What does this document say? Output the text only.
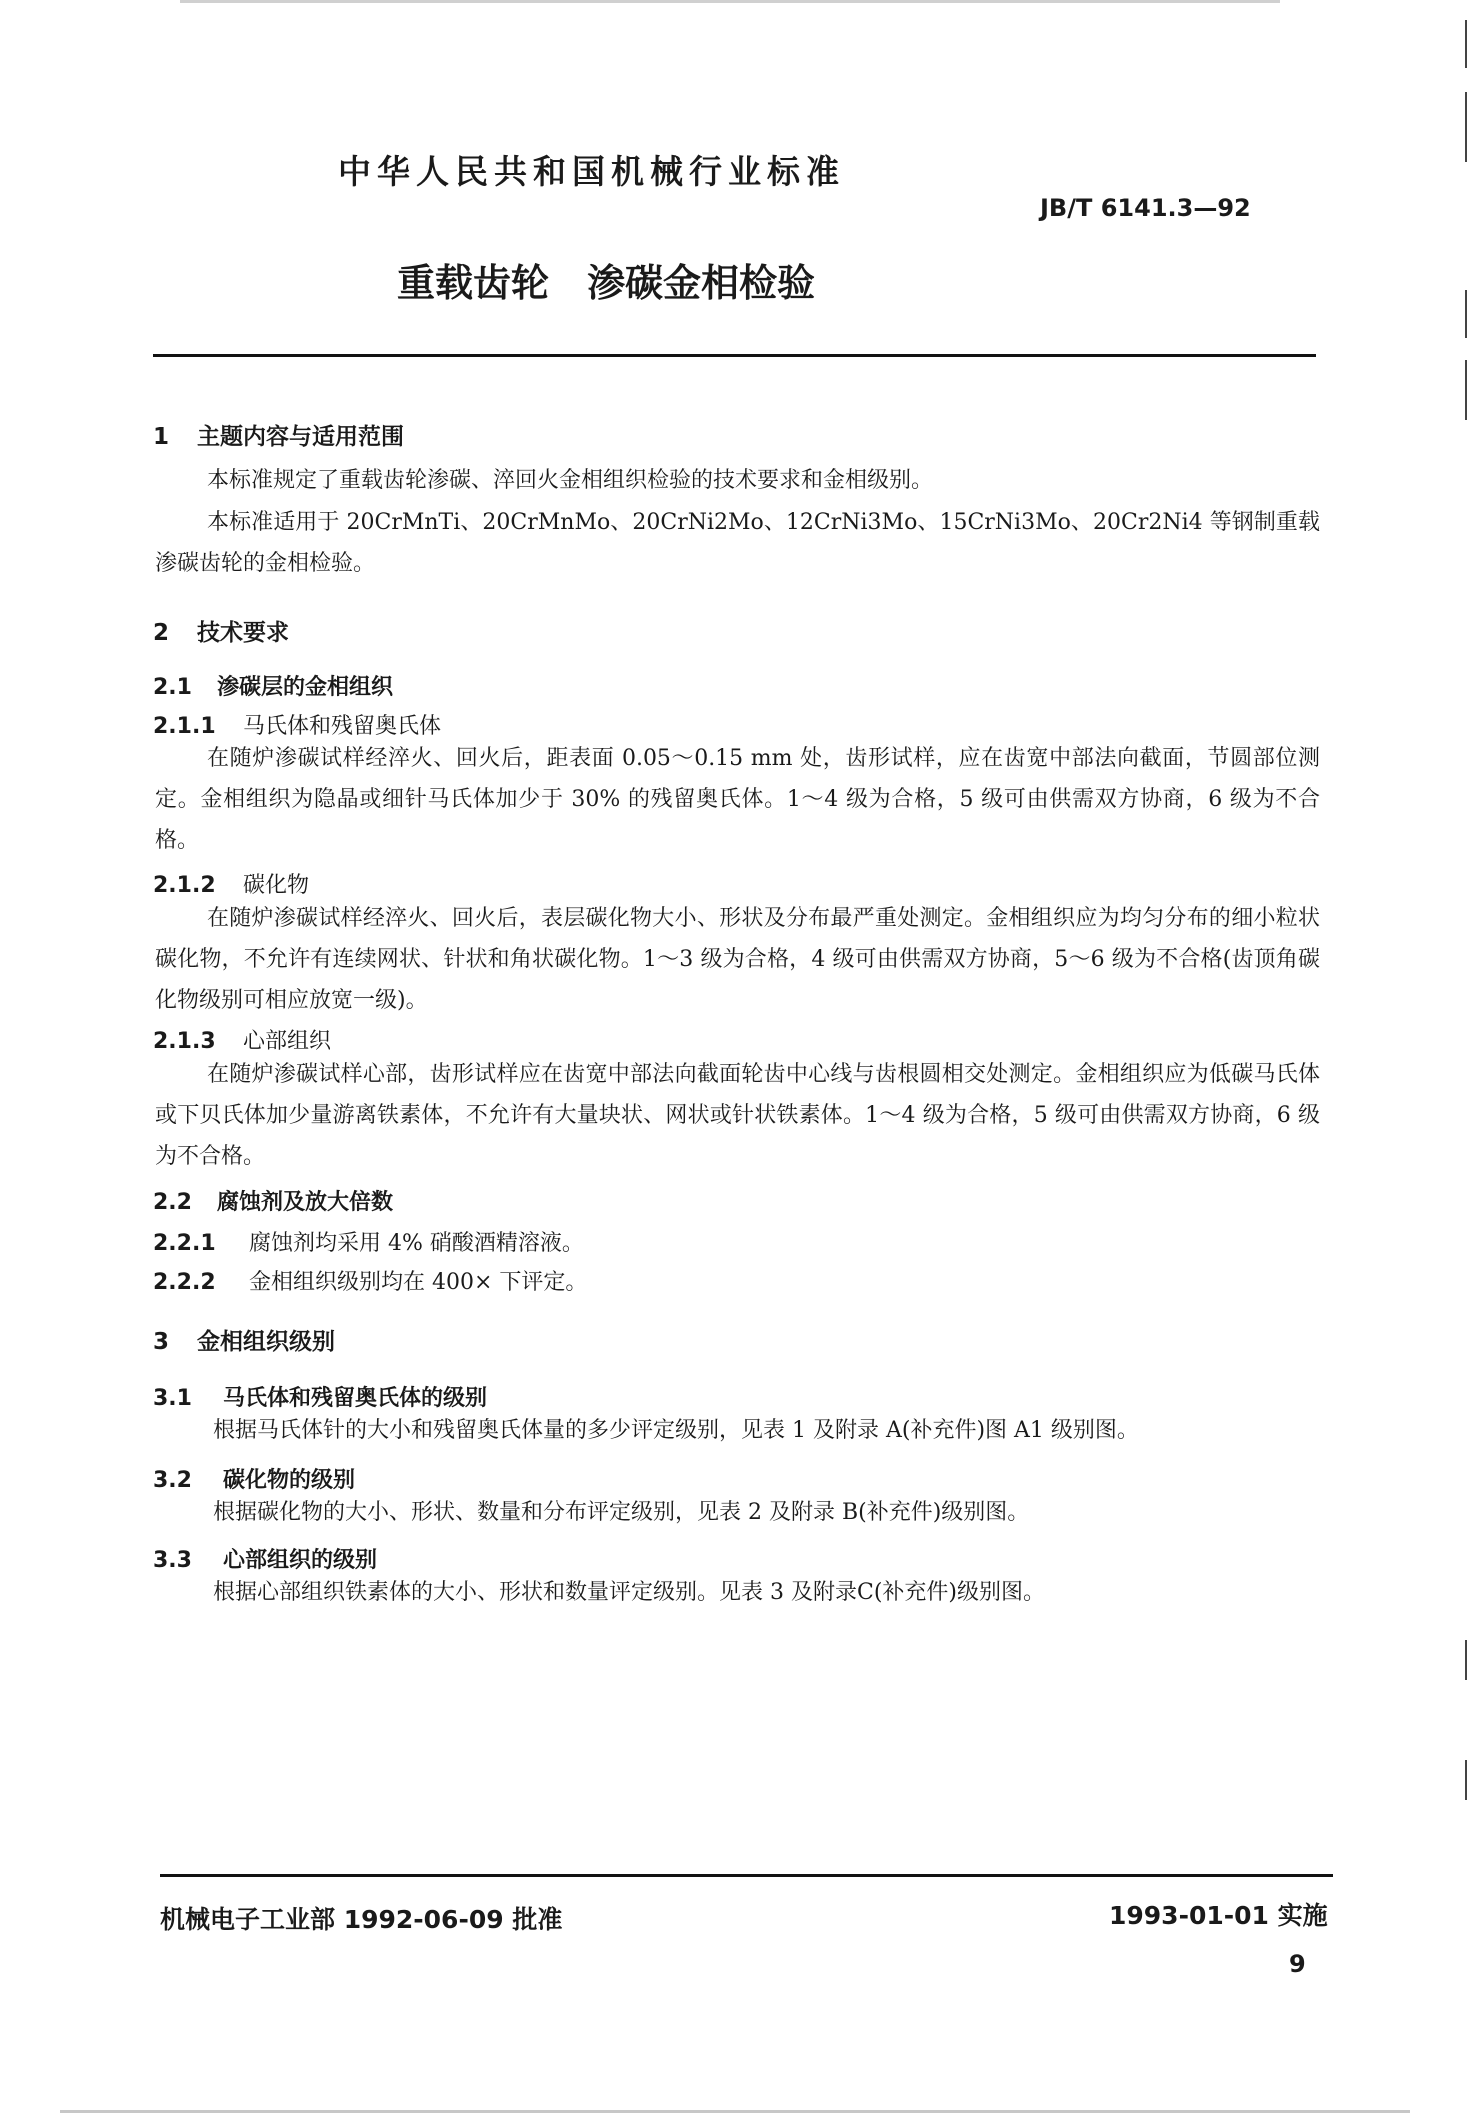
中华人民共和国机械行业标准
JB/T 6141.3—92
重载齿轮　渗碳金相检验
1 主题内容与适用范围
本标准规定了重载齿轮渗碳、淬回火金相组织检验的技术要求和金相级别。
本标准适用于 20CrMnTi、20CrMnMo、20CrNi2Mo、12CrNi3Mo、15CrNi3Mo、20Cr2Ni4 等钢制重载渗碳齿轮的金相检验。
2 技术要求
2.1 渗碳层的金相组织
2.1.1 马氏体和残留奥氏体
在随炉渗碳试样经淬火、回火后，距表面 0.05～0.15 mm 处，齿形试样，应在齿宽中部法向截面，节圆部位测定。金相组织为隐晶或细针马氏体加少于 30% 的残留奥氏体。1～4 级为合格，5 级可由供需双方协商，6 级为不合格。
2.1.2 碳化物
在随炉渗碳试样经淬火、回火后，表层碳化物大小、形状及分布最严重处测定。金相组织应为均匀分布的细小粒状碳化物，不允许有连续网状、针状和角状碳化物。1～3 级为合格，4 级可由供需双方协商，5～6 级为不合格(齿顶角碳化物级别可相应放宽一级)。
2.1.3 心部组织
在随炉渗碳试样心部，齿形试样应在齿宽中部法向截面轮齿中心线与齿根圆相交处测定。金相组织应为低碳马氏体或下贝氏体加少量游离铁素体，不允许有大量块状、网状或针状铁素体。1～4 级为合格，5 级可由供需双方协商，6 级为不合格。
2.2 腐蚀剂及放大倍数
2.2.1 腐蚀剂均采用 4% 硝酸酒精溶液。
2.2.2 金相组织级别均在 400× 下评定。
3 金相组织级别
3.1 马氏体和残留奥氏体的级别
根据马氏体针的大小和残留奥氏体量的多少评定级别，见表 1 及附录 A(补充件)图 A1 级别图。
3.2 碳化物的级别
根据碳化物的大小、形状、数量和分布评定级别，见表 2 及附录 B(补充件)级别图。
3.3 心部组织的级别
根据心部组织铁素体的大小、形状和数量评定级别。见表 3 及附录C(补充件)级别图。
机械电子工业部 1992-06-09 批准	1993-01-01 实施
9
